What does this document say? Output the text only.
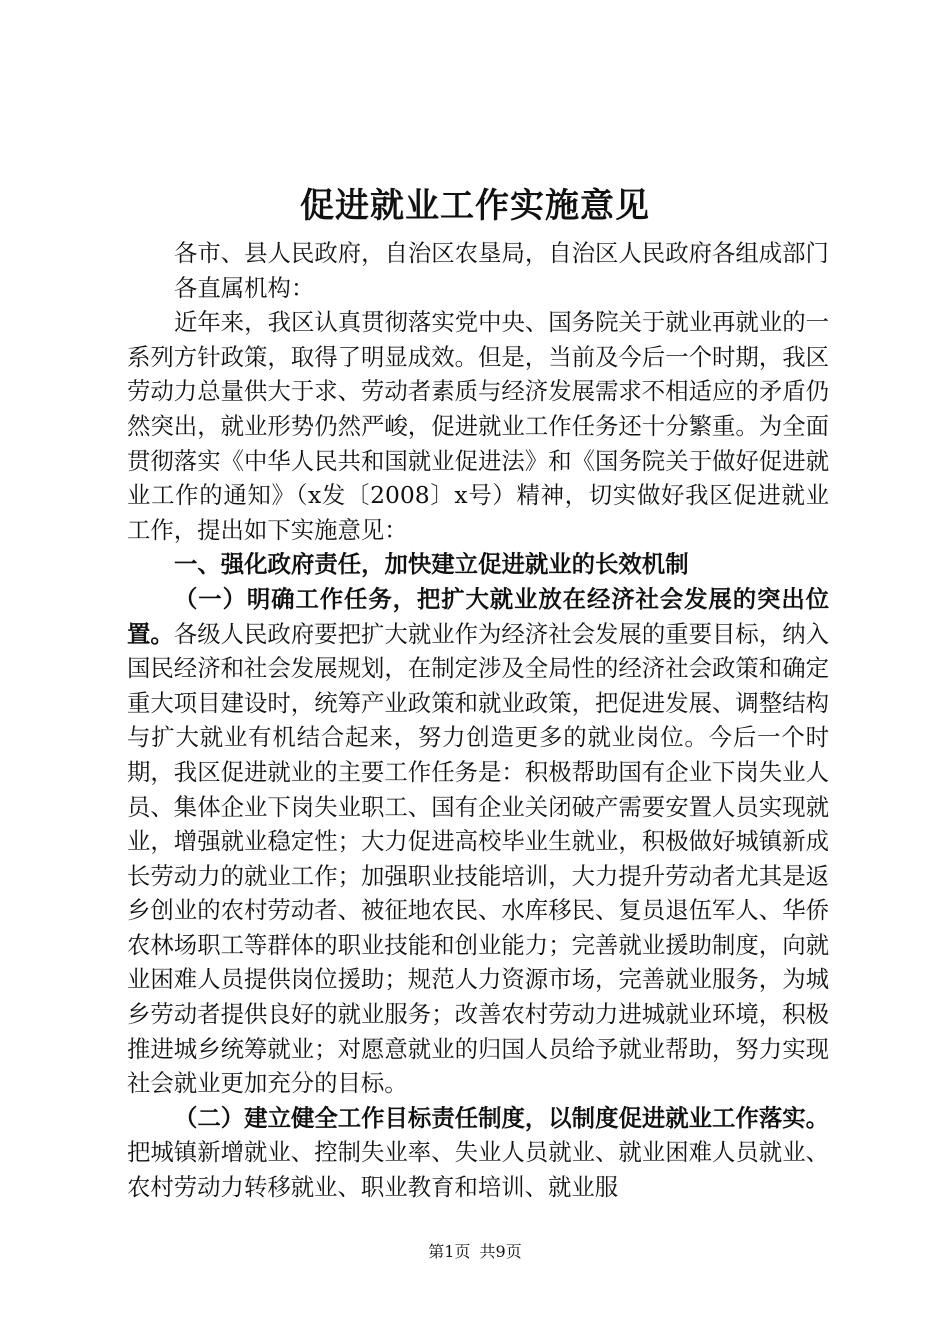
促进就业工作实施意见

各市、县人民政府，自治区农垦局，自治区人民政府各组成部门

各直属机构：

近年来，我区认真贯彻落实党中央、国务院关于就业再就业的一系列方针政策，取得了明显成效。但是，当前及今后一个时期，我区劳动力总量供大于求、劳动者素质与经济发展需求不相适应的矛盾仍然突出，就业形势仍然严峻，促进就业工作任务还十分繁重。为全面贯彻落实《中华人民共和国就业促进法》和《国务院关于做好促进就业工作的通知》（x发〔2008〕x号）精神，切实做好我区促进就业工作，提出如下实施意见：

一、强化政府责任，加快建立促进就业的长效机制

（一）明确工作任务，把扩大就业放在经济社会发展的突出位置。各级人民政府要把扩大就业作为经济社会发展的重要目标，纳入国民经济和社会发展规划，在制定涉及全局性的经济社会政策和确定重大项目建设时，统筹产业政策和就业政策，把促进发展、调整结构与扩大就业有机结合起来，努力创造更多的就业岗位。今后一个时期，我区促进就业的主要工作任务是：积极帮助国有企业下岗失业人员、集体企业下岗失业职工、国有企业关闭破产需要安置人员实现就业，增强就业稳定性；大力促进高校毕业生就业，积极做好城镇新成长劳动力的就业工作；加强职业技能培训，大力提升劳动者尤其是返乡创业的农村劳动者、被征地农民、水库移民、复员退伍军人、华侨农林场职工等群体的职业技能和创业能力；完善就业援助制度，向就业困难人员提供岗位援助；规范人力资源市场，完善就业服务，为城乡劳动者提供良好的就业服务；改善农村劳动力进城就业环境，积极推进城乡统筹就业；对愿意就业的归国人员给予就业帮助，努力实现社会就业更加充分的目标。

（二）建立健全工作目标责任制度，以制度促进就业工作落实。把城镇新增就业、控制失业率、失业人员就业、就业困难人员就业、农村劳动力转移就业、职业教育和培训、就业服

第1页 共9页
